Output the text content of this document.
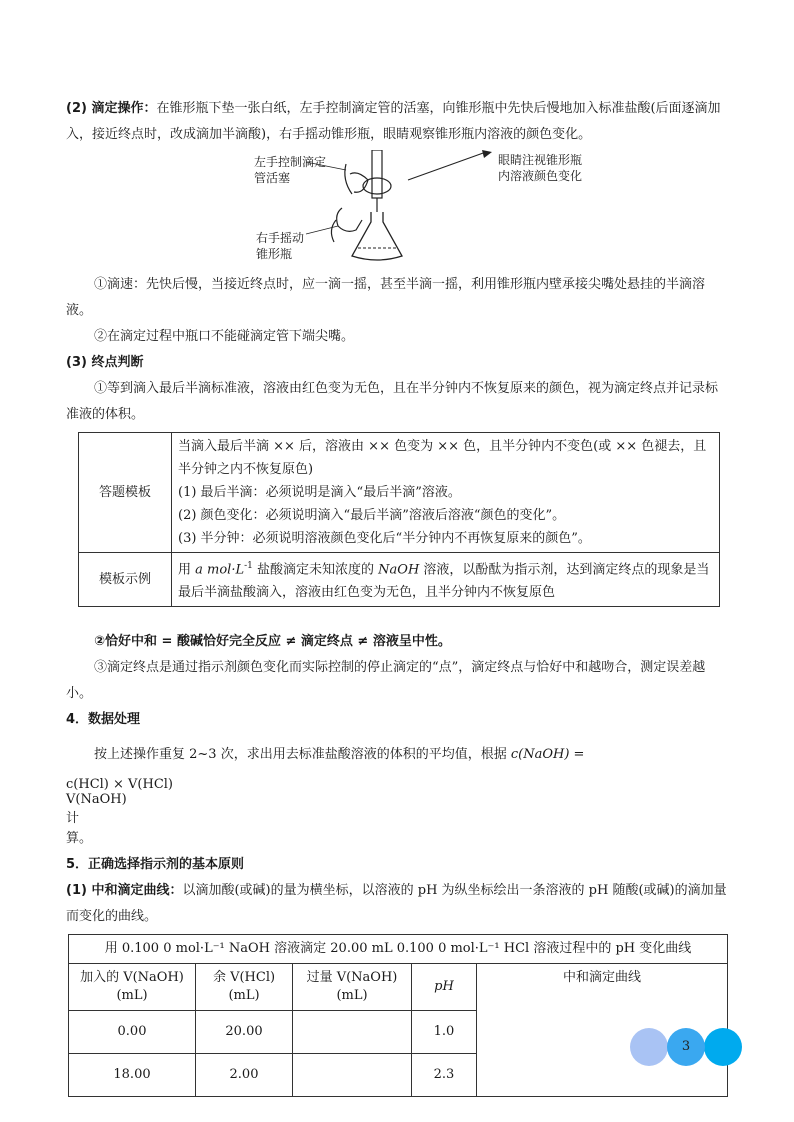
(2) 滴定操作：在锥形瓶下垫一张白纸，左手控制滴定管的活塞，向锥形瓶中先快后慢地加入标准盐酸(后面逐滴加入，接近终点时，改成滴加半滴酸)，右手摇动锥形瓶，眼睛观察锥形瓶内溶液的颜色变化。

左手控制滴定管活塞
眼睛注视锥形瓶内溶液颜色变化
右手摇动锥形瓶

①滴速：先快后慢，当接近终点时，应一滴一摇，甚至半滴一摇，利用锥形瓶内壁承接尖嘴处悬挂的半滴溶液。

②在滴定过程中瓶口不能碰滴定管下端尖嘴。

(3) 终点判断

①等到滴入最后半滴标准液，溶液由红色变为无色，且在半分钟内不恢复原来的颜色，视为滴定终点并记录标准液的体积。

答题模板	当滴入最后半滴 ×× 后，溶液由 ×× 色变为 ×× 色，且半分钟内不变色(或 ×× 色褪去，且半分钟之内不恢复原色)
(1) 最后半滴：必须说明是滴入“最后半滴”溶液。
(2) 颜色变化：必须说明滴入“最后半滴”溶液后溶液“颜色的变化”。
(3) 半分钟：必须说明溶液颜色变化后“半分钟内不再恢复原来的颜色”。

模板示例	用 a $mol\cdot L^{-1}$ 盐酸滴定未知浓度的 NaOH 溶液，以酚酞为指示剂，达到滴定终点的现象是当最后半滴盐酸滴入，溶液由红色变为无色，且半分钟内不恢复原色

②恰好中和 = 酸碱恰好完全反应 ≠ 滴定终点 ≠ 溶液呈中性。

③滴定终点是通过指示剂颜色变化而实际控制的停止滴定的“点”，滴定终点与恰好中和越吻合，测定误差越小。

4．数据处理

按上述操作重复 2~3 次，求出用去标准盐酸溶液的体积的平均值，根据 c(NaOH) =

c(HCl) × V(HCl)
V(NaOH)
计

算。

5．正确选择指示剂的基本原则

(1) 中和滴定曲线：以滴加酸(或碱)的量为横坐标，以溶液的 pH 为纵坐标绘出一条溶液的 pH 随酸(或碱)的滴加量而变化的曲线。

用 0.100 0 mol·L⁻¹ NaOH 溶液滴定 20.00 mL 0.100 0 mol·L⁻¹ HCl 溶液过程中的 pH 变化曲线				
加入的 V(NaOH)(mL)	余 V(HCl)(mL)	过量 V(NaOH)(mL)	pH	中和滴定曲线
0.00	20.00		1.0	
18.00	2.00		2.3	
3
